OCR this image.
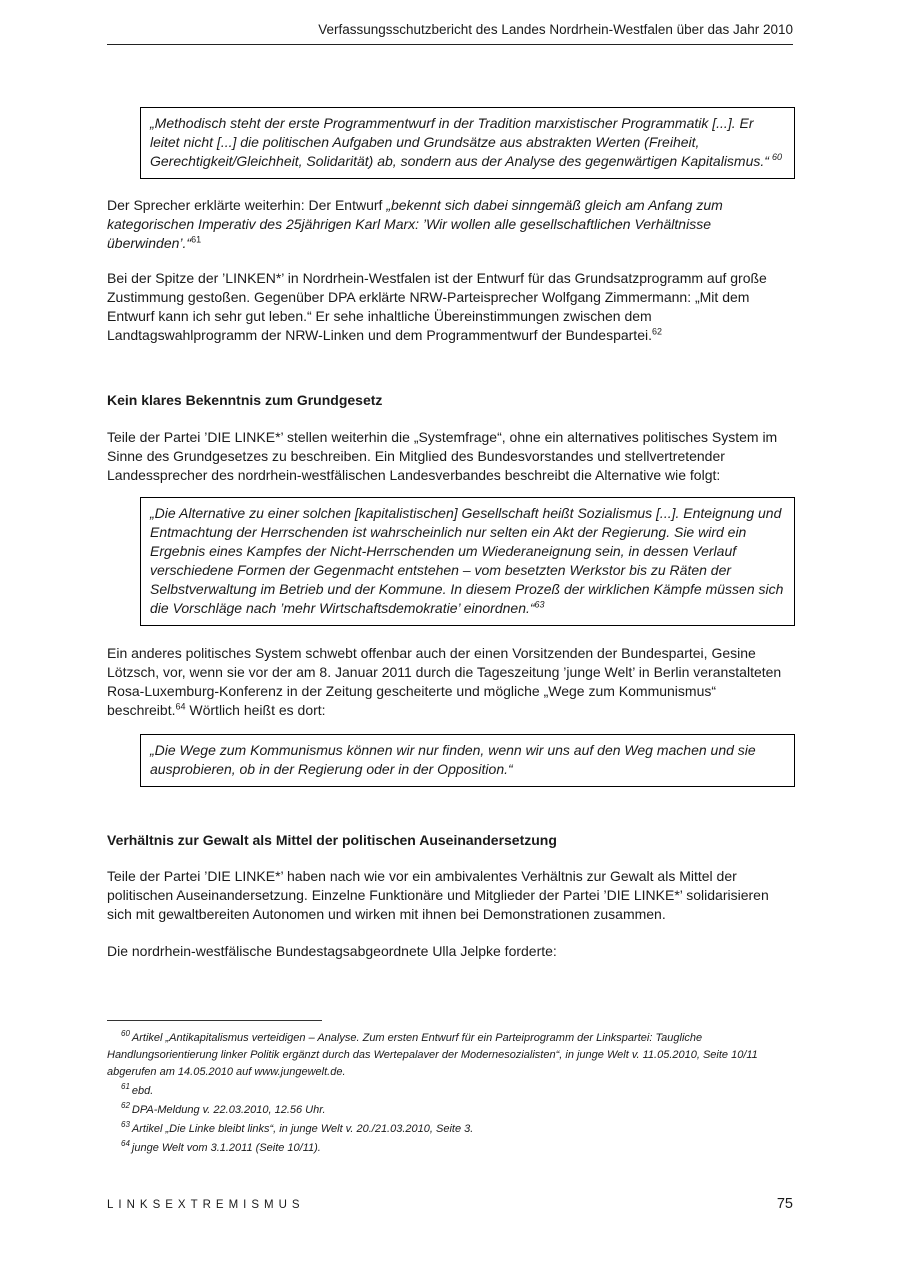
Verfassungsschutzbericht des Landes Nordrhein-Westfalen über das Jahr 2010
„Methodisch steht der erste Programmentwurf in der Tradition marxistischer Programmatik [...]. Er leitet nicht [...] die politischen Aufgaben und Grundsätze aus abstrakten Werten (Freiheit, Gerechtigkeit/Gleichheit, Solidarität) ab, sondern aus der Analyse des gegenwärtigen Kapitalismus.“ $^{60}$

Der Sprecher erklärte weiterhin: Der Entwurf „bekennt sich dabei sinngemäß gleich am Anfang zum kategorischen Imperativ des 25jährigen Karl Marx: ’Wir wollen alle gesellschaftlichen Verhältnisse überwinden’.“$^{61}$

Bei der Spitze der ’LINKEN*’ in Nordrhein-Westfalen ist der Entwurf für das Grundsatzprogramm auf große Zustimmung gestoßen. Gegenüber DPA erklärte NRW-Parteisprecher Wolfgang Zimmermann: „Mit dem Entwurf kann ich sehr gut leben.“ Er sehe inhaltliche Übereinstimmungen zwischen dem Landtagswahlprogramm der NRW-Linken und dem Programmentwurf der Bundespartei.$^{62}$

Kein klares Bekenntnis zum Grundgesetz

Teile der Partei ’DIE LINKE*’ stellen weiterhin die „Systemfrage“, ohne ein alternatives politisches System im Sinne des Grundgesetzes zu beschreiben. Ein Mitglied des Bundesvorstandes und stellvertretender Landessprecher des nordrhein-westfälischen Landesverbandes beschreibt die Alternative wie folgt:

„Die Alternative zu einer solchen [kapitalistischen] Gesellschaft heißt Sozialismus [...]. Enteignung und Entmachtung der Herrschenden ist wahrscheinlich nur selten ein Akt der Regierung. Sie wird ein Ergebnis eines Kampfes der Nicht-Herrschenden um Wiederaneignung sein, in dessen Verlauf verschiedene Formen der Gegenmacht entstehen – vom besetzten Werkstor bis zu Räten der Selbstverwaltung im Betrieb und der Kommune. In diesem Prozeß der wirklichen Kämpfe müssen sich die Vorschläge nach ’mehr Wirtschaftsdemokratie’ einordnen.“$^{63}$

Ein anderes politisches System schwebt offenbar auch der einen Vorsitzenden der Bundespartei, Gesine Lötzsch, vor, wenn sie vor der am 8. Januar 2011 durch die Tageszeitung ’junge Welt’ in Berlin veranstalteten Rosa-Luxemburg-Konferenz in der Zeitung gescheiterte und mögliche „Wege zum Kommunismus“ beschreibt.$^{64}$ Wörtlich heißt es dort:

„Die Wege zum Kommunismus können wir nur finden, wenn wir uns auf den Weg machen und sie ausprobieren, ob in der Regierung oder in der Opposition.“
Verhältnis zur Gewalt als Mittel der politischen Auseinandersetzung

Teile der Partei ’DIE LINKE*’ haben nach wie vor ein ambivalentes Verhältnis zur Gewalt als Mittel der politischen Auseinandersetzung. Einzelne Funktionäre und Mitglieder der Partei ’DIE LINKE*’ solidarisieren sich mit gewaltbereiten Autonomen und wirken mit ihnen bei Demonstrationen zusammen.

Die nordrhein-westfälische Bundestagsabgeordnete Ulla Jelpke forderte:

$^{60}$ Artikel „Antikapitalismus verteidigen – Analyse. Zum ersten Entwurf für ein Parteiprogramm der Linkspartei: Taugliche Handlungsorientierung linker Politik ergänzt durch das Wertepalaver der Modernesozialisten“, in junge Welt v. 11.05.2010, Seite 10/11 abgerufen am 14.05.2010 auf www.jungewelt.de.

$^{61}$ ebd.

$^{62}$ DPA-Meldung v. 22.03.2010, 12.56 Uhr.

$^{63}$ Artikel „Die Linke bleibt links“, in junge Welt v. 20./21.03.2010, Seite 3.

$^{64}$ junge Welt vom 3.1.2011 (Seite 10/11).

LINKSEXTREMISMUS	75
